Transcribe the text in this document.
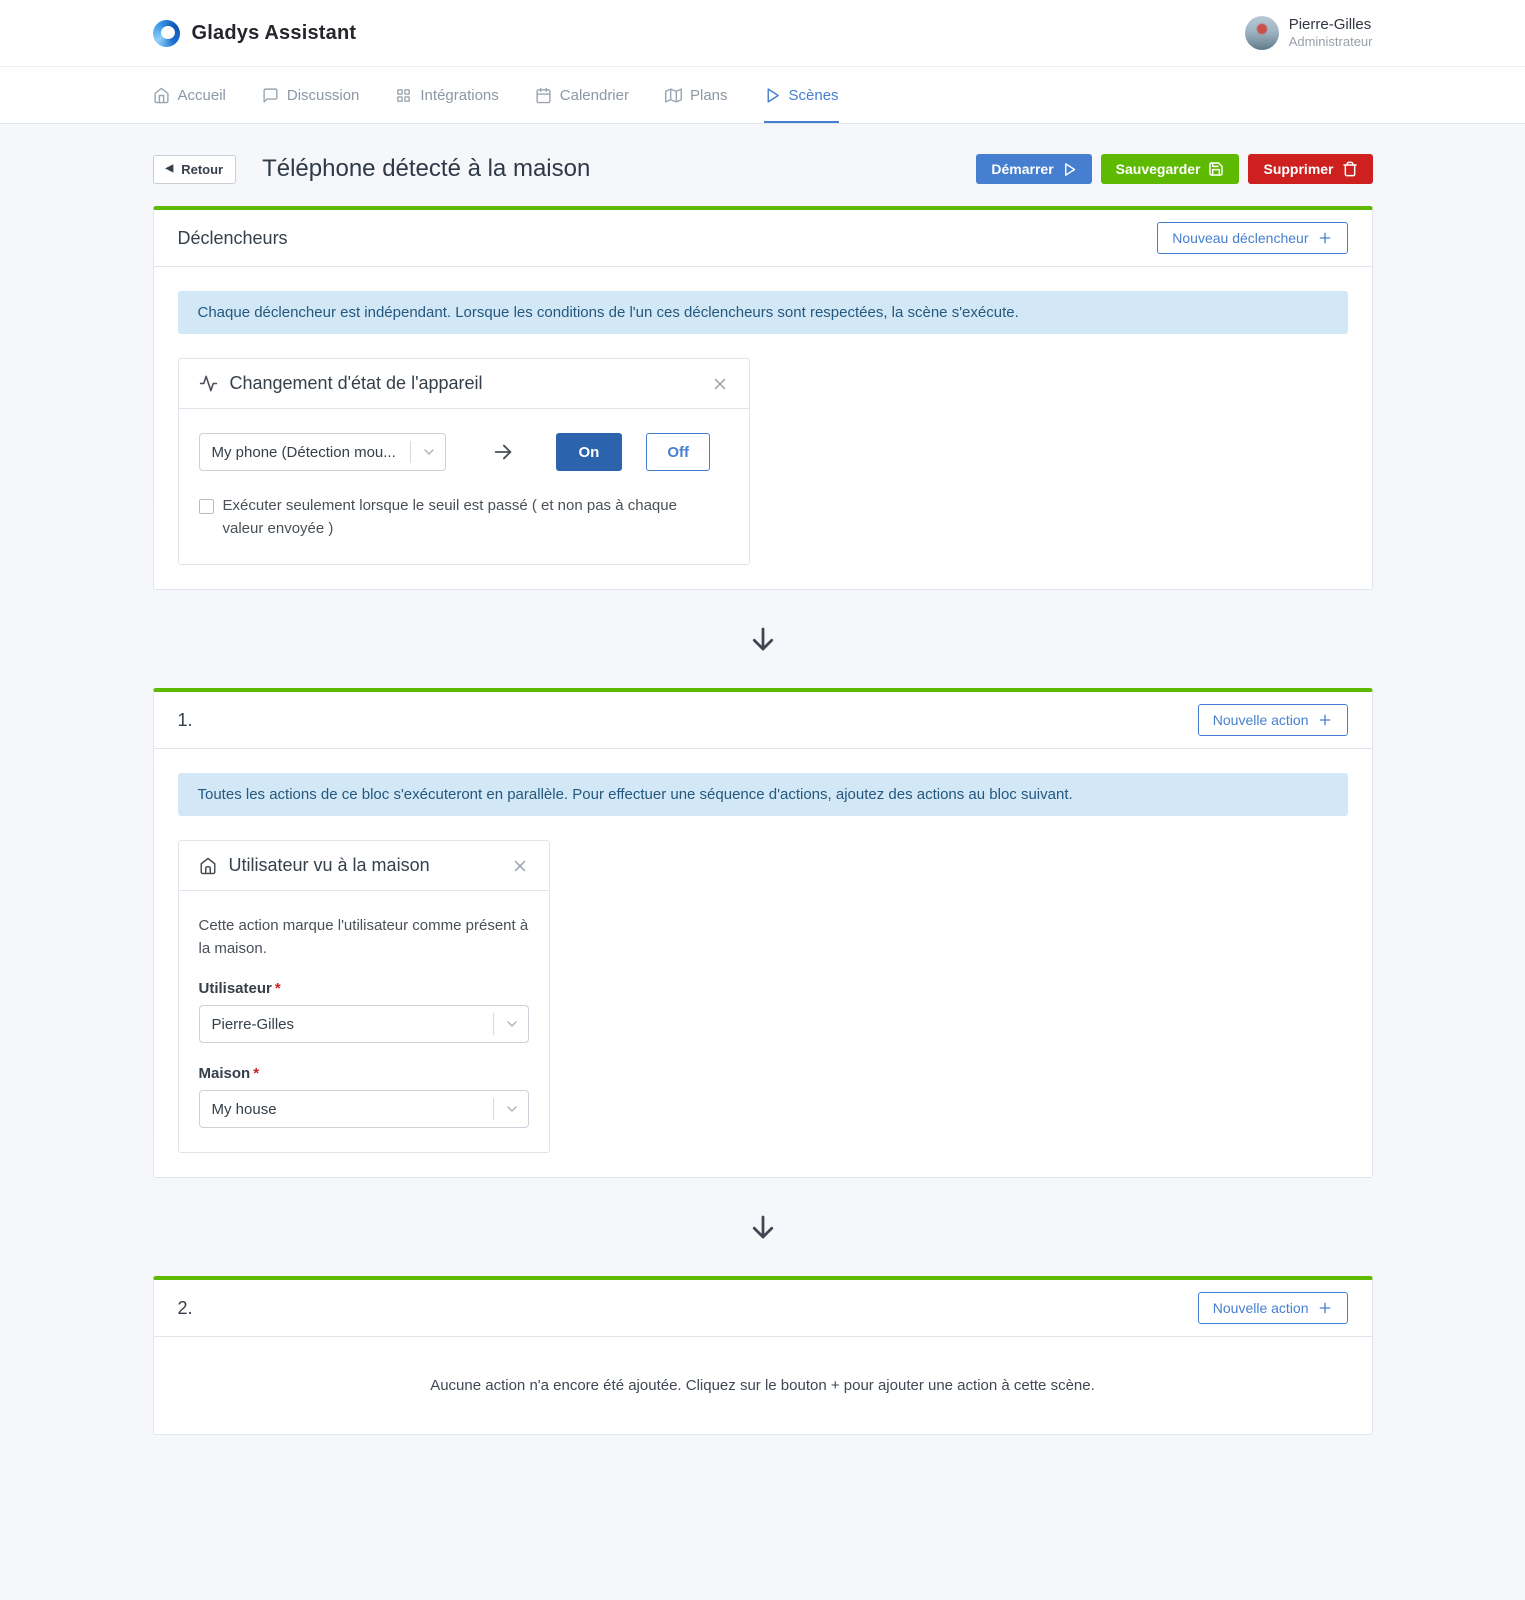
Gladys Assistant	Pierre-Gilles
Administrateur
Accueil	Discussion	Intégrations	Calendrier	Plans	Scènes
◀ Retour Téléphone détecté à la maison	Démarrer	Sauvegarder	Supprimer
Déclencheurs	Nouveau déclencheur
Chaque déclencheur est indépendant. Lorsque les conditions de l'un ces déclencheurs sont respectées, la scène s'exécute.
Changement d'état de l'appareil
My phone (Détection mou...	On	Off
Exécuter seulement lorsque le seuil est passé ( et non pas à chaque valeur envoyée )
1.	Nouvelle action
Toutes les actions de ce bloc s'exécuteront en parallèle. Pour effectuer une séquence d'actions, ajoutez des actions au bloc suivant.
Utilisateur vu à la maison

Cette action marque l'utilisateur comme présent à la maison.

Utilisateur *
Pierre-Gilles
Maison *
My house
2.	Nouvelle action
Aucune action n'a encore été ajoutée. Cliquez sur le bouton + pour ajouter une action à cette scène.
